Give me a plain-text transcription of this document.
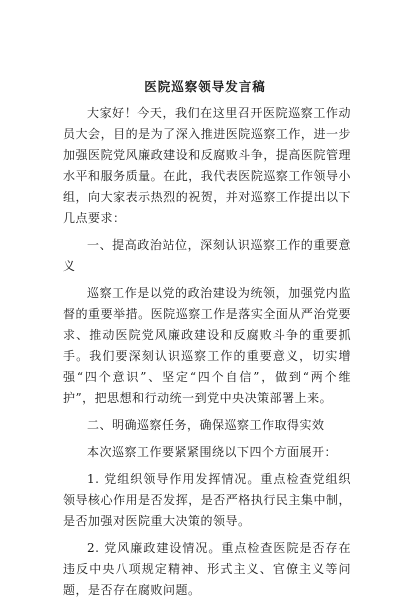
医院巡察领导发言稿

大家好！今天，我们在这里召开医院巡察工作动员大会，目的是为了深入推进医院巡察工作，进一步加强医院党风廉政建设和反腐败斗争，提高医院管理水平和服务质量。在此，我代表医院巡察工作领导小组，向大家表示热烈的祝贺，并对巡察工作提出以下几点要求：

一、提高政治站位，深刻认识巡察工作的重要意义

巡察工作是以党的政治建设为统领，加强党内监督的重要举措。医院巡察工作是落实全面从严治党要求、推动医院党风廉政建设和反腐败斗争的重要抓手。我们要深刻认识巡察工作的重要意义，切实增强“四个意识”、坚定“四个自信”，做到“两个维护”，把思想和行动统一到党中央决策部署上来。

二、明确巡察任务，确保巡察工作取得实效

本次巡察工作要紧紧围绕以下四个方面展开：

1. 党组织领导作用发挥情况。重点检查党组织领导核心作用是否发挥，是否严格执行民主集中制，是否加强对医院重大决策的领导。

2. 党风廉政建设情况。重点检查医院是否存在违反中央八项规定精神、形式主义、官僚主义等问题，是否存在腐败问题。
